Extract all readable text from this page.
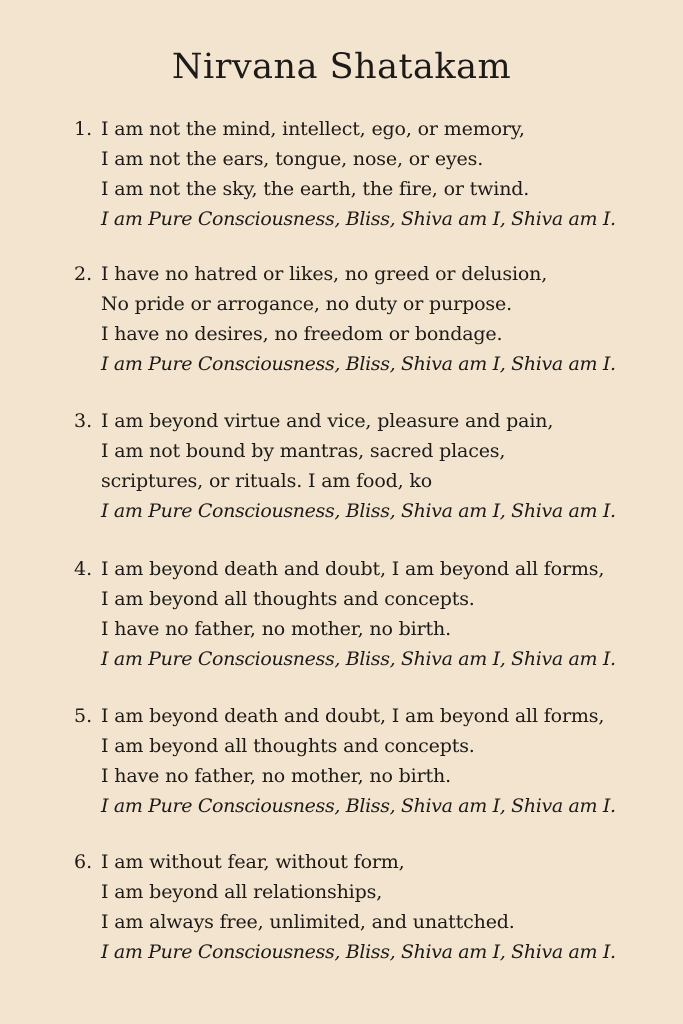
Nirvana Shatakam
1. I am not the mind, intellect, ego, or memory,
I am not the ears, tongue, nose, or eyes.
I am not the sky, the earth, the fire, or twind.
I am Pure Consciousness, Bliss, Shiva am I, Shiva am I.
2. I have no hatred or likes, no greed or delusion,
No pride or arrogance, no duty or purpose.
I have no desires, no freedom or bondage.
I am Pure Consciousness, Bliss, Shiva am I, Shiva am I.
3. I am beyond virtue and vice, pleasure and pain,
I am not bound by mantras, sacred places,
scriptures, or rituals. I am food, ko
I am Pure Consciousness, Bliss, Shiva am I, Shiva am I.
4. I am beyond death and doubt, I am beyond all forms,
I am beyond all thoughts and concepts.
I have no father, no mother, no birth.
I am Pure Consciousness, Bliss, Shiva am I, Shiva am I.
5. I am beyond death and doubt, I am beyond all forms,
I am beyond all thoughts and concepts.
I have no father, no mother, no birth.
I am Pure Consciousness, Bliss, Shiva am I, Shiva am I.
6. I am without fear, without form,
I am beyond all relationships,
I am always free, unlimited, and unattched.
I am Pure Consciousness, Bliss, Shiva am I, Shiva am I.
